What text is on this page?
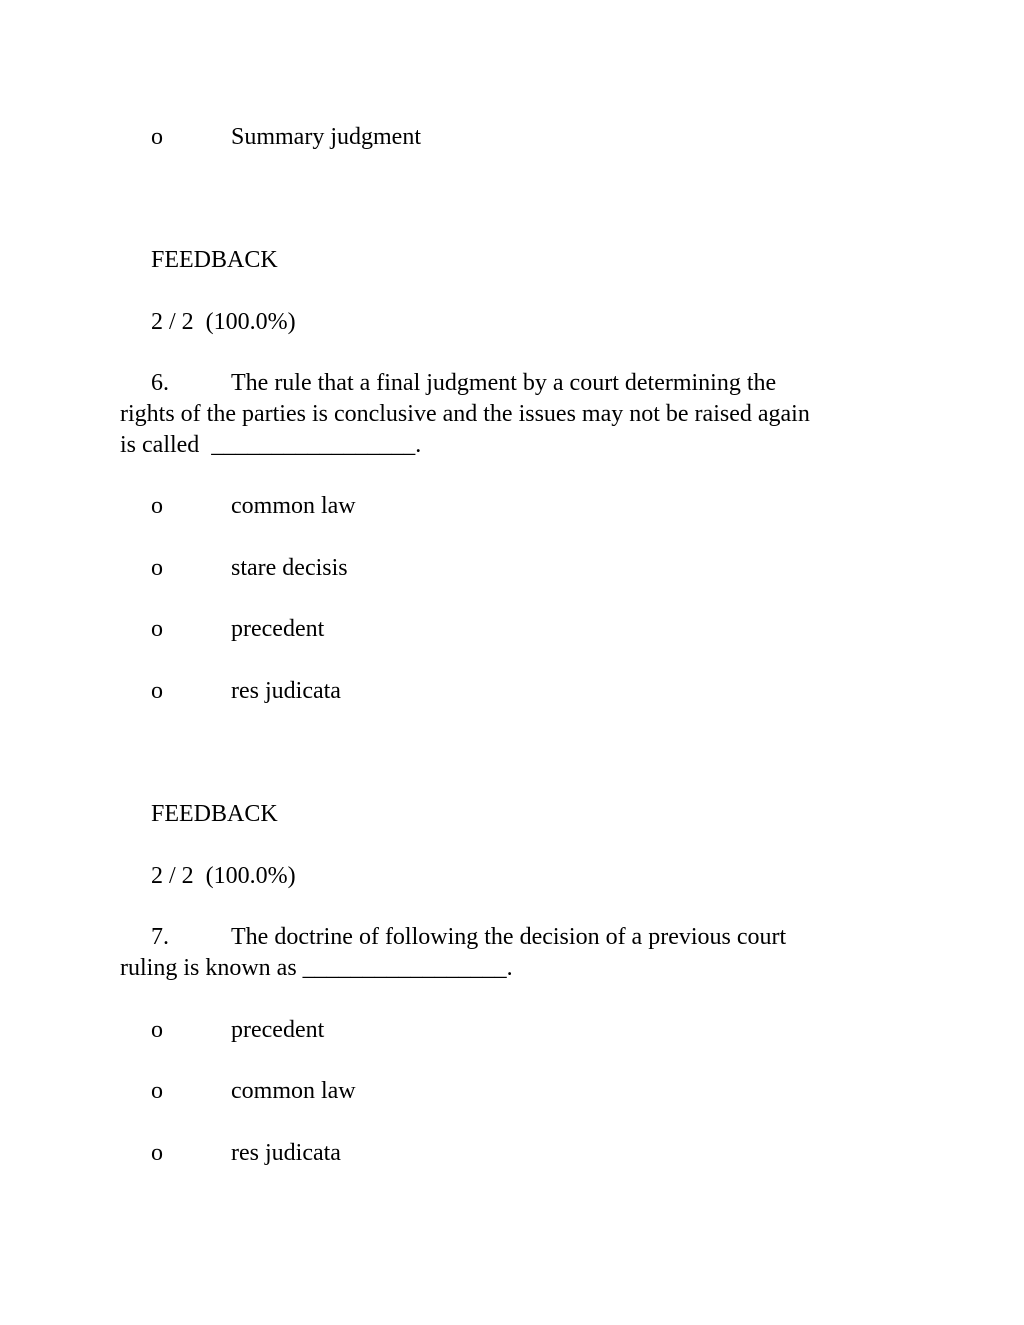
o	Summary judgment
FEEDBACK
2 / 2  (100.0%)
6.	The rule that a final judgment by a court determining the
rights of the parties is conclusive and the issues may not be raised again
is called  _________________.
o	common law
o	stare decisis
o	precedent
o	res judicata
FEEDBACK
2 / 2  (100.0%)
7.	The doctrine of following the decision of a previous court
ruling is known as _________________.
o	precedent
o	common law
o	res judicata
